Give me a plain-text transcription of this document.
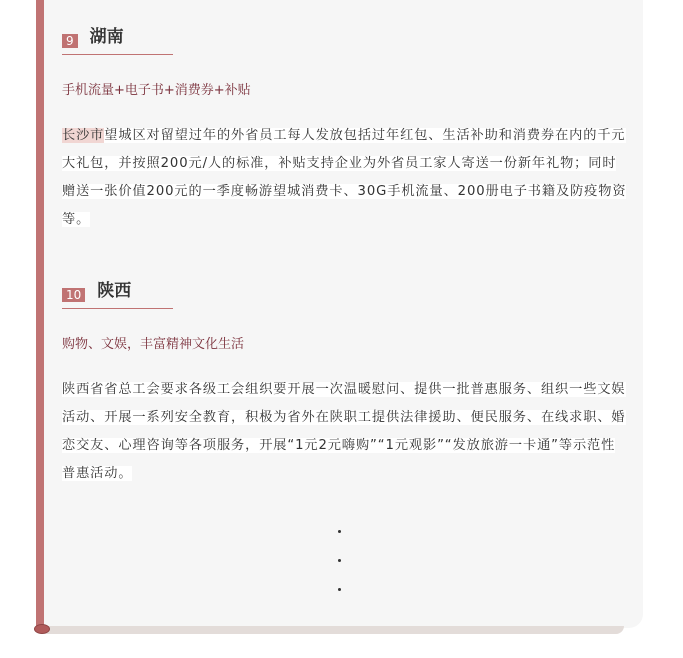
9 湖南
手机流量+电子书+消费券+补贴
长沙市望城区对留望过年的外省员工每人发放包括过年红包、生活补助和消费券在内的千元大礼包，并按照200元/人的标准，补贴支持企业为外省员工家人寄送一份新年礼物；同时赠送一张价值200元的一季度畅游望城消费卡、30G手机流量、200册电子书籍及防疫物资等。
10 陕西
购物、文娱，丰富精神文化生活
陕西省省总工会要求各级工会组织要开展一次温暖慰问、提供一批普惠服务、组织一些文娱活动、开展一系列安全教育，积极为省外在陕职工提供法律援助、便民服务、在线求职、婚恋交友、心理咨询等各项服务，开展“1元2元嗨购”“1元观影”“发放旅游一卡通”等示范性普惠活动。
